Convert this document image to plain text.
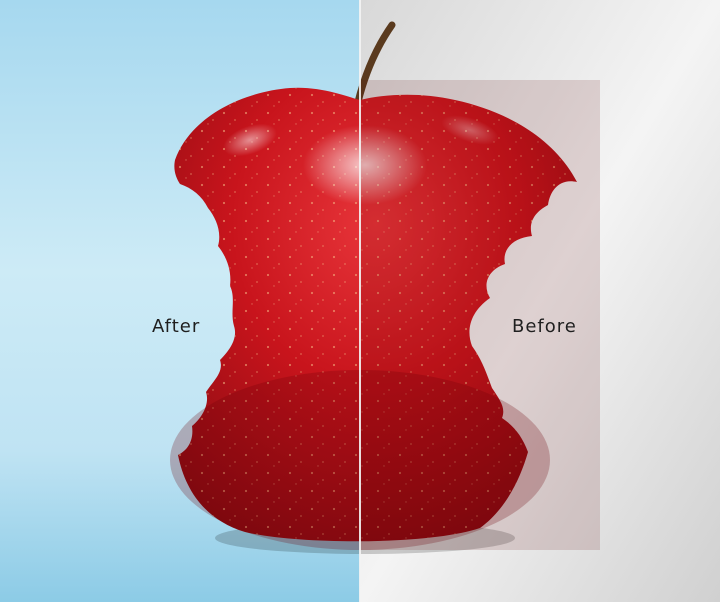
After	Before
